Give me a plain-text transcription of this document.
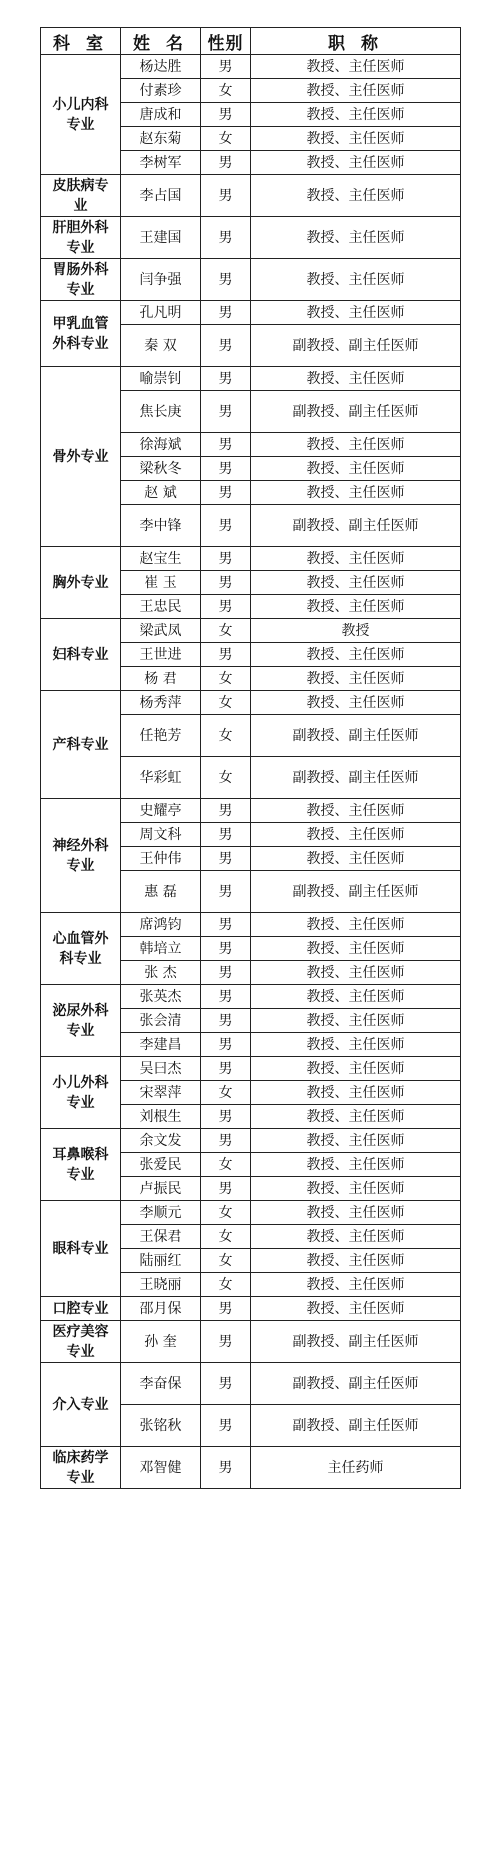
科 室	姓 名	性别	职 称
小儿内科专业	杨达胜	男	教授、主任医师
	付素珍	女	教授、主任医师
	唐成和	男	教授、主任医师
	赵东菊	女	教授、主任医师
	李树军	男	教授、主任医师
皮肤病专业	李占国	男	教授、主任医师
肝胆外科专业	王建国	男	教授、主任医师
胃肠外科专业	闫争强	男	教授、主任医师
甲乳血管外科专业	孔凡明	男	教授、主任医师
	秦 双	男	副教授、副主任医师
骨外专业	喻崇钊	男	教授、主任医师
	焦长庚	男	副教授、副主任医师
	徐海斌	男	教授、主任医师
	梁秋冬	男	教授、主任医师
	赵 斌	男	教授、主任医师
	李中锋	男	副教授、副主任医师
胸外专业	赵宝生	男	教授、主任医师
	崔 玉	男	教授、主任医师
	王忠民	男	教授、主任医师
妇科专业	梁武凤	女	教授
	王世进	男	教授、主任医师
	杨 君	女	教授、主任医师
产科专业	杨秀萍	女	教授、主任医师
	任艳芳	女	副教授、副主任医师
	华彩虹	女	副教授、副主任医师
神经外科专业	史耀亭	男	教授、主任医师
	周文科	男	教授、主任医师
	王仲伟	男	教授、主任医师
	惠 磊	男	副教授、副主任医师
心血管外科专业	席鸿钧	男	教授、主任医师
	韩培立	男	教授、主任医师
	张 杰	男	教授、主任医师
泌尿外科专业	张英杰	男	教授、主任医师
	张会清	男	教授、主任医师
	李建昌	男	教授、主任医师
小儿外科专业	吴曰杰	男	教授、主任医师
	宋翠萍	女	教授、主任医师
	刘根生	男	教授、主任医师
耳鼻喉科专业	余文发	男	教授、主任医师
	张爱民	女	教授、主任医师
	卢振民	男	教授、主任医师
眼科专业	李顺元	女	教授、主任医师
	王保君	女	教授、主任医师
	陆丽红	女	教授、主任医师
	王晓丽	女	教授、主任医师
口腔专业	邵月保	男	教授、主任医师
医疗美容专业	孙 奎	男	副教授、副主任医师
介入专业	李奋保	男	副教授、副主任医师
	张铭秋	男	副教授、副主任医师
临床药学专业	邓智健	男	主任药师
